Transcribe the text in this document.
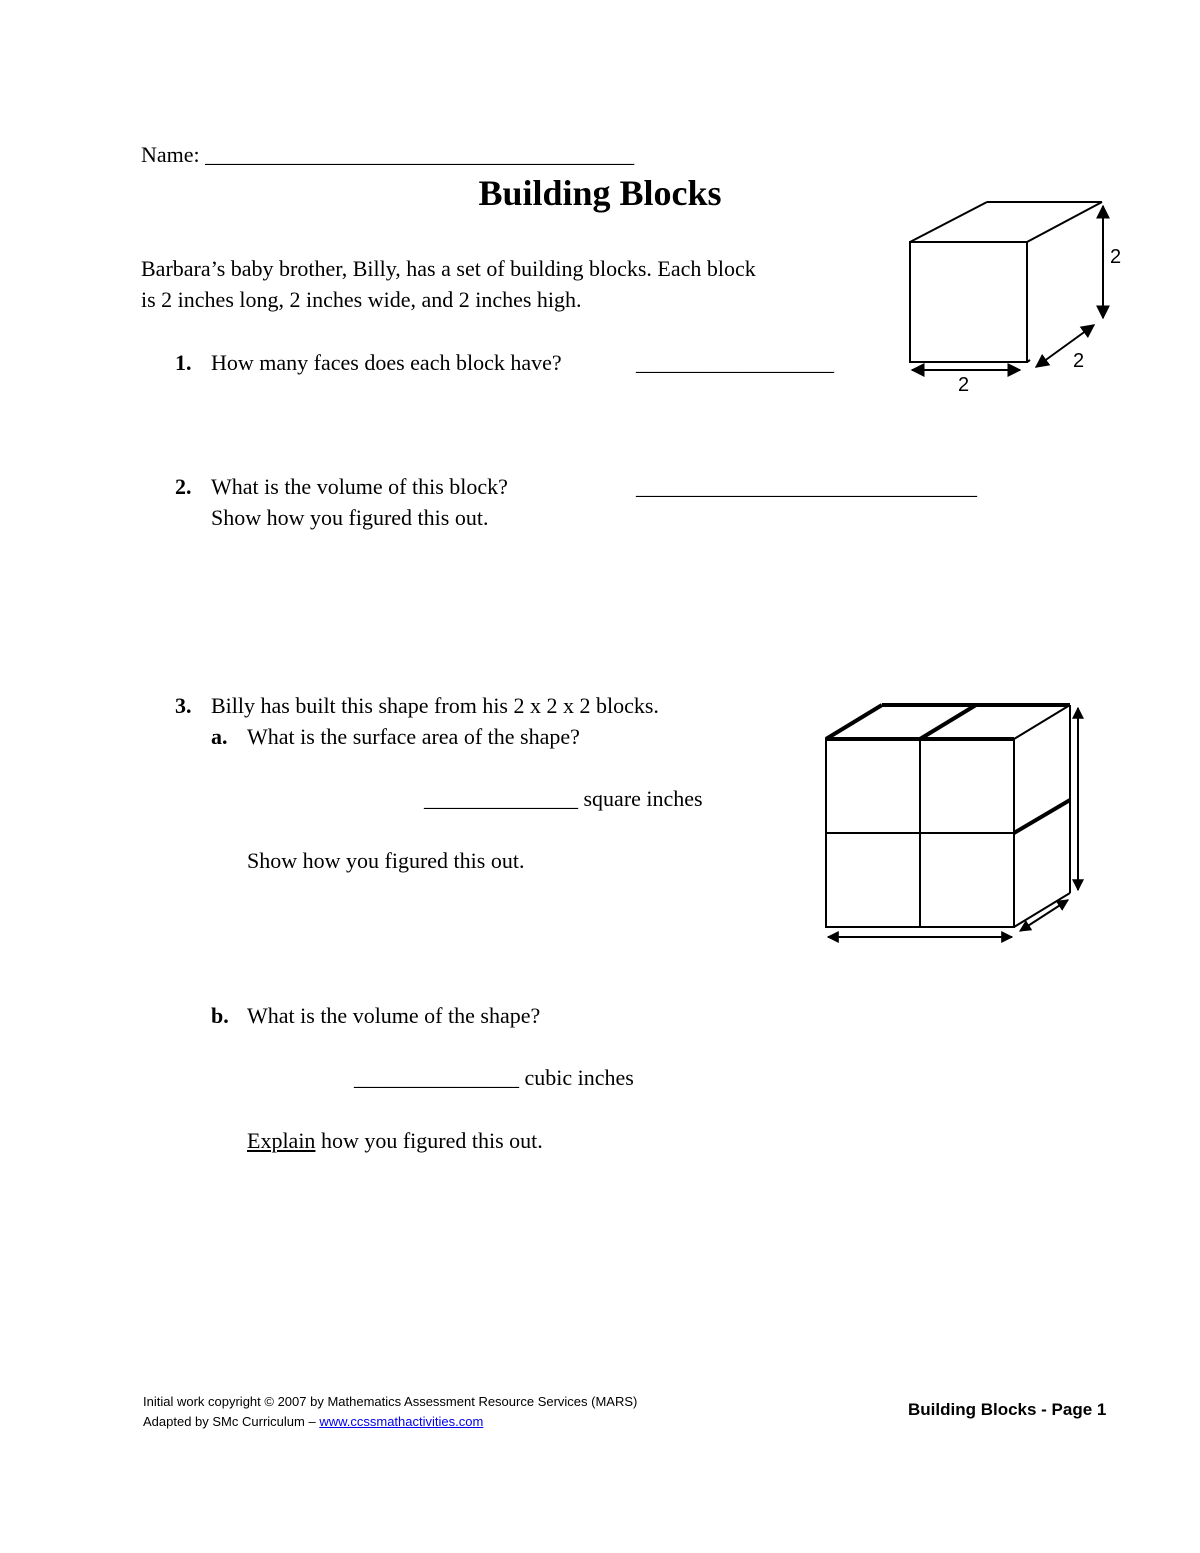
Name: _______________________________________
Building Blocks
Barbara’s baby brother, Billy, has a set of building blocks. Each block
is 2 inches long, 2 inches wide, and 2 inches high.
2
2
2
1. How many faces does each block have?	__________________
2. What is the volume of this block?	_______________________________
Show how you figured this out.
3. Billy has built this shape from his 2 x 2 x 2 blocks.
a. What is the surface area of the shape?
______________ square inches
Show how you figured this out.
b. What is the volume of the shape?
_______________ cubic inches
Explain how you figured this out.
Initial work copyright © 2007 by Mathematics Assessment Resource Services (MARS)
Adapted by SMc Curriculum – www.ccssmathactivities.com
Building Blocks - Page 1
